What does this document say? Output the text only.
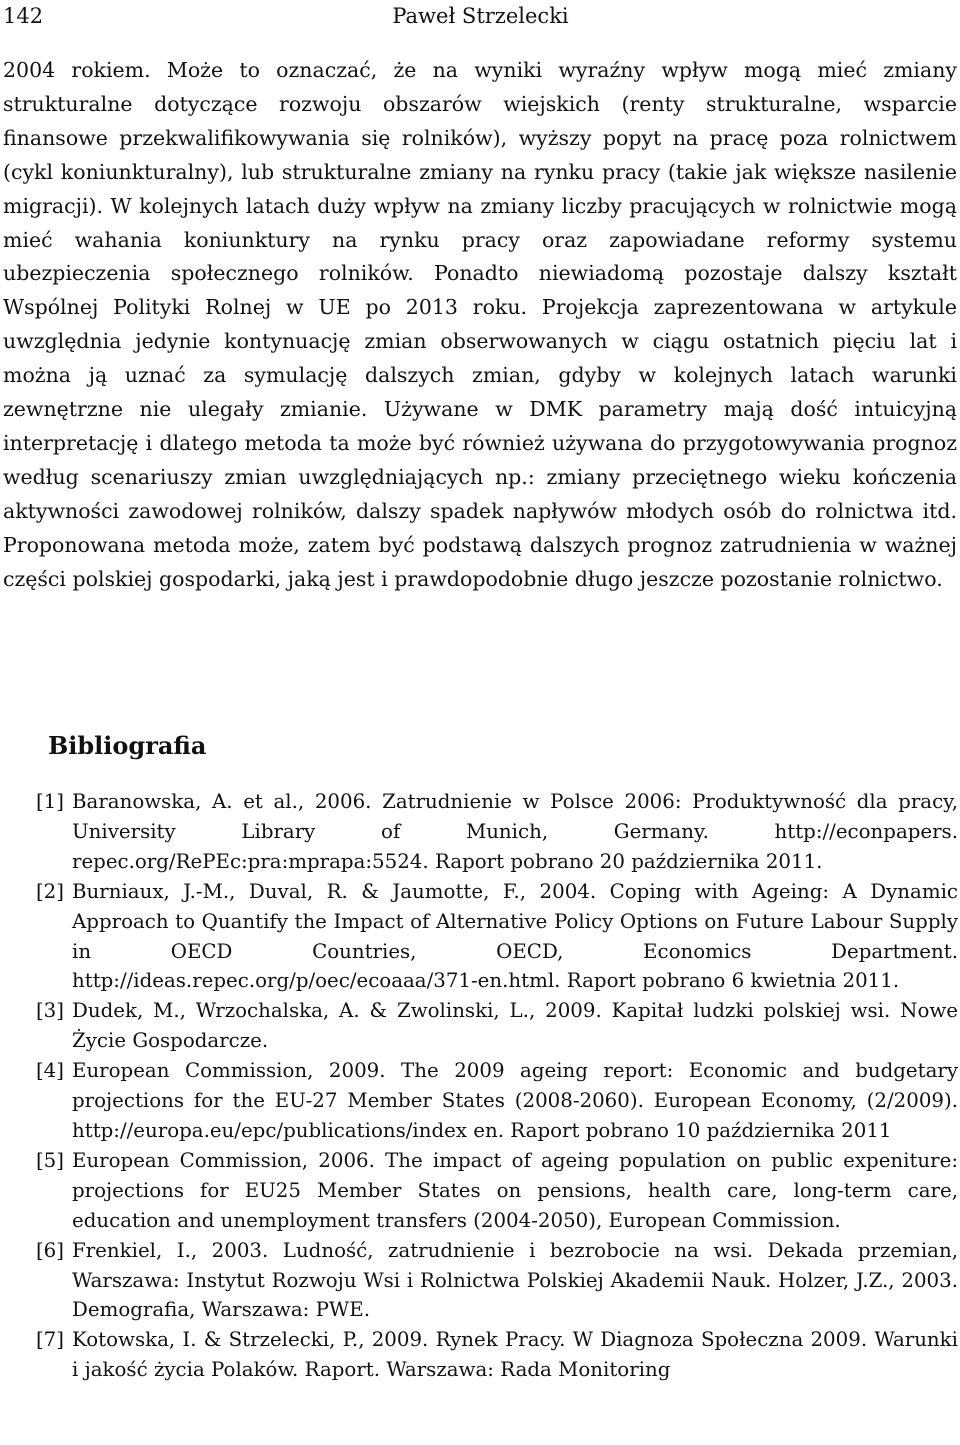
142	Paweł Strzelecki

2004 rokiem. Może to oznaczać, że na wyniki wyraźny wpływ mogą mieć zmiany strukturalne dotyczące rozwoju obszarów wiejskich (renty strukturalne, wsparcie finansowe przekwalifikowywania się rolników), wyższy popyt na pracę poza rolnictwem (cykl koniunkturalny), lub strukturalne zmiany na rynku pracy (takie jak większe nasilenie migracji). W kolejnych latach duży wpływ na zmiany liczby pracujących w rolnictwie mogą mieć wahania koniunktury na rynku pracy oraz zapowiadane reformy systemu ubezpieczenia społecznego rolników. Ponadto niewiadomą pozostaje dalszy kształt Wspólnej Polityki Rolnej w UE po 2013 roku. Projekcja zaprezentowana w artykule uwzględnia jedynie kontynuację zmian obserwowanych w ciągu ostatnich pięciu lat i można ją uznać za symulację dalszych zmian, gdyby w kolejnych latach warunki zewnętrzne nie ulegały zmianie. Używane w DMK parametry mają dość intuicyjną interpretację i dlatego metoda ta może być również używana do przygotowywania prognoz według scenariuszy zmian uwzględniających np.: zmiany przeciętnego wieku kończenia aktywności zawodowej rolników, dalszy spadek napływów młodych osób do rolnictwa itd. Proponowana metoda może, zatem być podstawą dalszych prognoz zatrudnienia w ważnej części polskiej gospodarki, jaką jest i prawdopodobnie długo jeszcze pozostanie rolnictwo.

Bibliografia
[1] Baranowska, A. et al., 2006. Zatrudnienie w Polsce 2006: Produktywność dla pracy, University Library of Munich, Germany. http://econpapers.​repec.org/RePEc:pra:mprapa:5524. Raport pobrano 20 października 2011.
[2] Burniaux, J.-M., Duval, R. & Jaumotte, F., 2004. Coping with Ageing: A Dynamic Approach to Quantify the Impact of Alternative Policy Options on Future Labour Supply in OECD Countries, OECD, Economics Department. http://ideas.repec.org/p/oec/ecoaaa/371-en.html. Raport pobrano 6 kwietnia 2011.
[3] Dudek, M., Wrzochalska, A. & Zwolinski, L., 2009. Kapitał ludzki polskiej wsi. Nowe Życie Gospodarcze.
[4] European Commission, 2009. The 2009 ageing report: Economic and budgetary projections for the EU-27 Member States (2008-2060). European Economy, (2/2009). http://europa.eu/epc/publications/index en. Raport pobrano 10 października 2011
[5] European Commission, 2006. The impact of ageing population on public expeniture: projections for EU25 Member States on pensions, health care, long-term care, education and unemployment transfers (2004-2050), European Commission.
[6] Frenkiel, I., 2003. Ludność, zatrudnienie i bezrobocie na wsi. Dekada przemian, Warszawa: Instytut Rozwoju Wsi i Rolnictwa Polskiej Akademii Nauk. Holzer, J.Z., 2003. Demografia, Warszawa: PWE.
[7] Kotowska, I. & Strzelecki, P., 2009. Rynek Pracy. W Diagnoza Społeczna 2009. Warunki i jakość życia Polaków. Raport. Warszawa: Rada Monitoring
